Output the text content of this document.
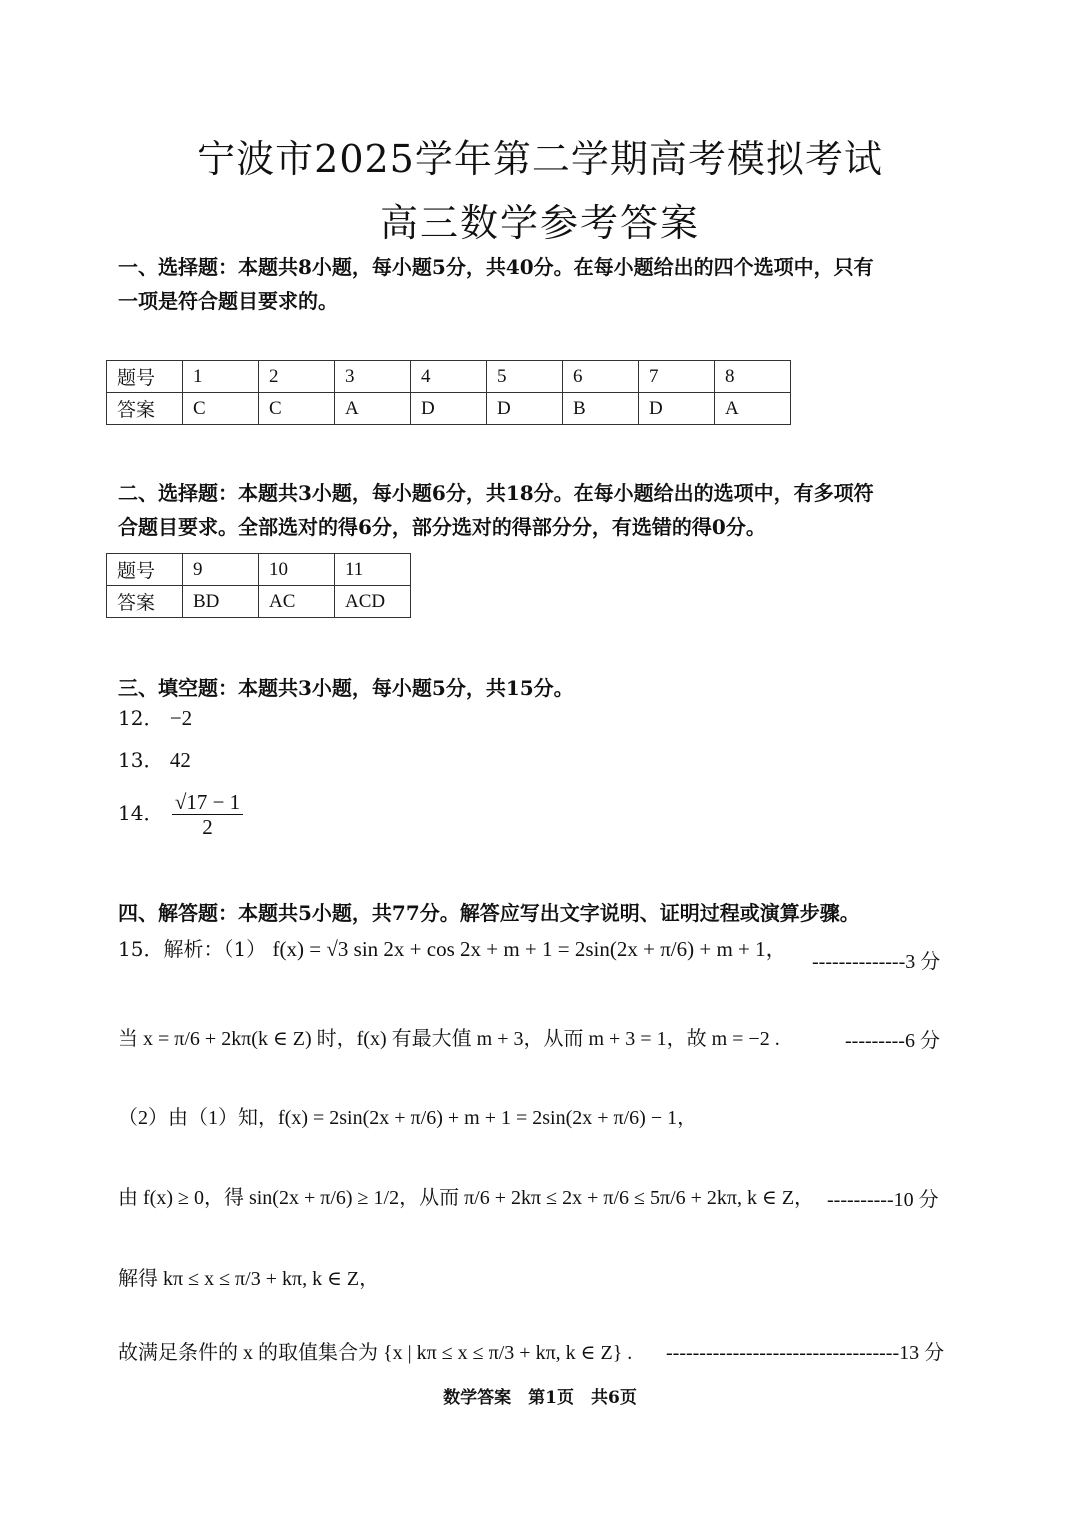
宁波市2025学年第二学期高考模拟考试
高三数学参考答案
一、选择题：本题共8小题，每小题5分，共40分。在每小题给出的四个选项中，只有
一项是符合题目要求的。
题号	1	2	3	4	5	6	7	8
答案	C	C	A	D	D	B	D	A
二、选择题：本题共3小题，每小题6分，共18分。在每小题给出的选项中，有多项符
合题目要求。全部选对的得6分，部分选对的得部分分，有选错的得0分。
题号	9	10	11
答案	BD	AC	ACD
三、填空题：本题共3小题，每小题5分，共15分。
12． −2
13． 42
14． $\frac{√17 - 1}{2}$
四、解答题：本题共5小题，共77分。解答应写出文字说明、证明过程或演算步骤。
15．解析：（1） f(x) = √3 sin 2x + cos 2x + m + 1 = 2sin(2x + π/6) + m + 1，
--------------3 分
当 x = π/6 + 2kπ(k ∈ Z) 时，f(x) 有最大值 m + 3，从而 m + 3 = 1，故 m = −2 .	---------6 分
（2）由（1）知，f(x) = 2sin(2x + π/6) + m + 1 = 2sin(2x + π/6) − 1，
由 f(x) ≥ 0，得 sin(2x + π/6) ≥ 1/2，从而 π/6 + 2kπ ≤ 2x + π/6 ≤ 5π/6 + 2kπ, k ∈ Z， ----------10 分
解得 kπ ≤ x ≤ π/3 + kπ, k ∈ Z，
故满足条件的 x 的取值集合为 {x | kπ ≤ x ≤ π/3 + kπ, k ∈ Z} . -----------------------------------13 分
数学答案　第1页　共6页
